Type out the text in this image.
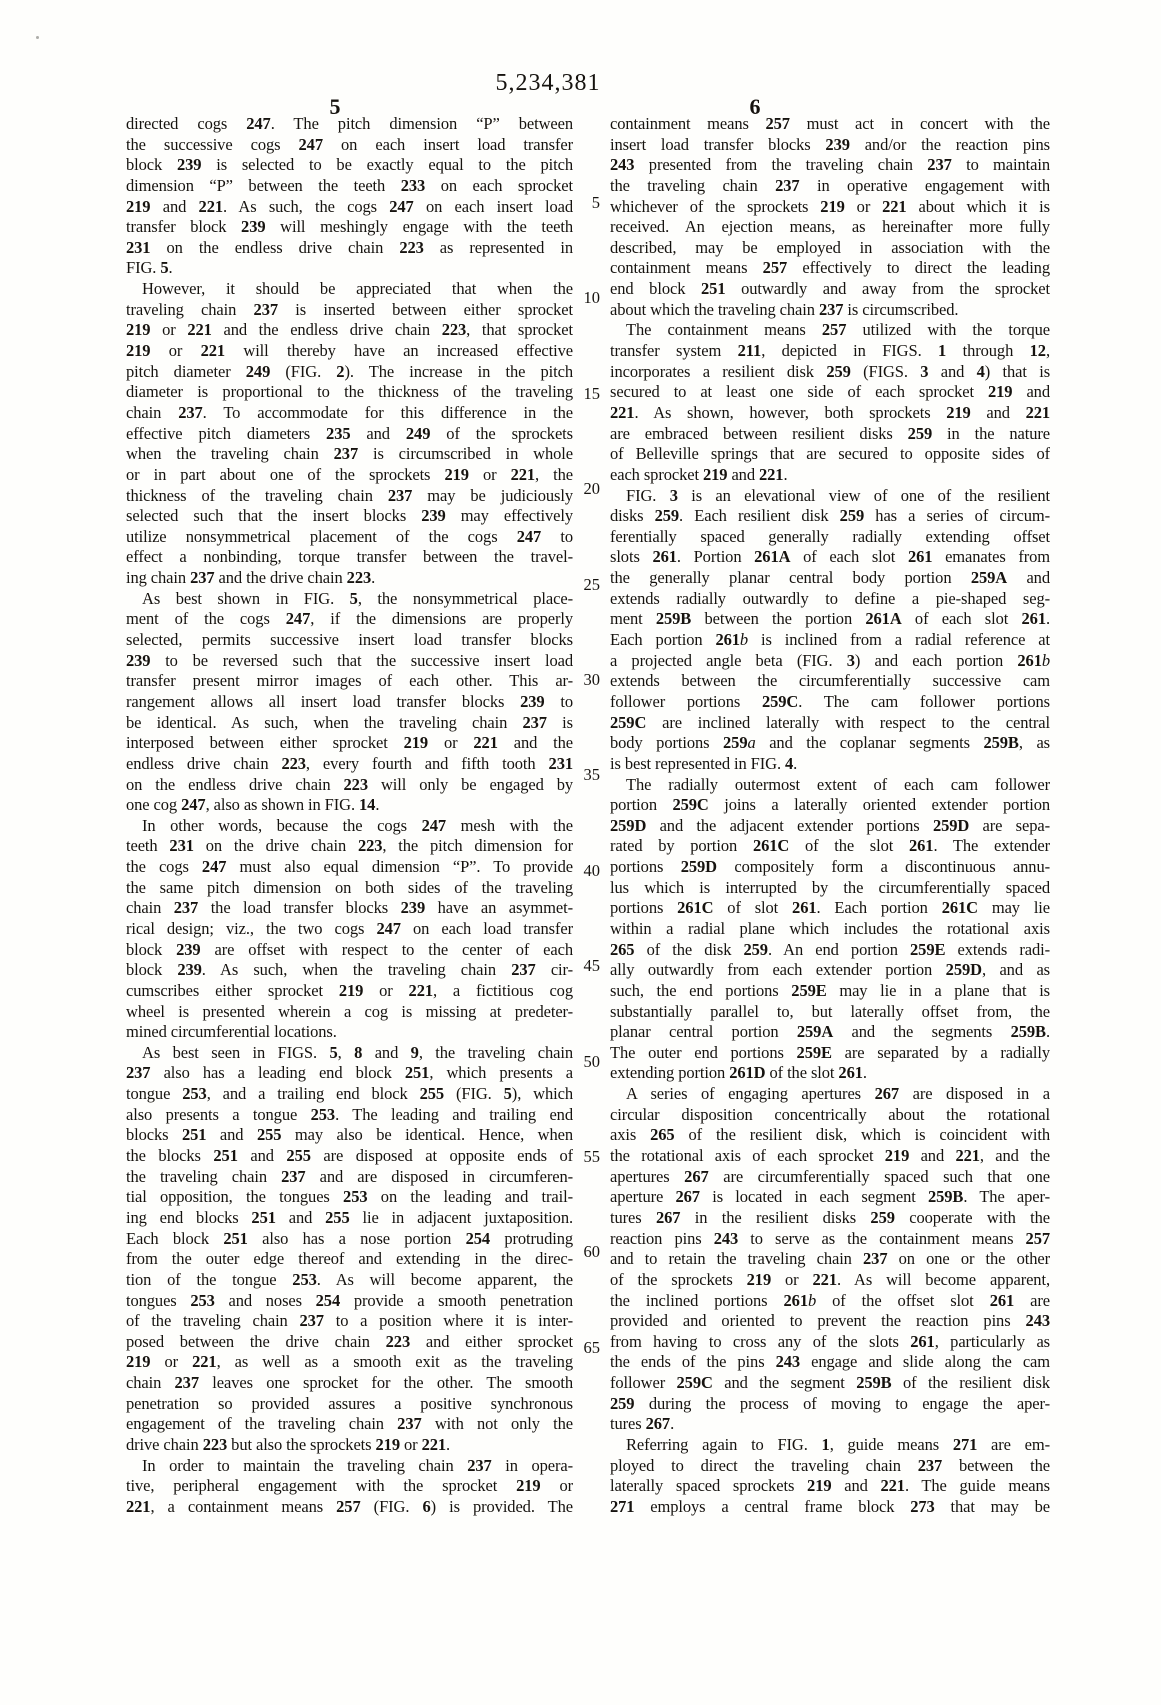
5,234,381
5	6
directed cogs 247. The pitch dimension “P” between
the successive cogs 247 on each insert load transfer
block 239 is selected to be exactly equal to the pitch
dimension “P” between the teeth 233 on each sprocket
219 and 221. As such, the cogs 247 on each insert load
transfer block 239 will meshingly engage with the teeth
231 on the endless drive chain 223 as represented in
FIG. 5.
However, it should be appreciated that when the
traveling chain 237 is inserted between either sprocket
219 or 221 and the endless drive chain 223, that sprocket
219 or 221 will thereby have an increased effective
pitch diameter 249 (FIG. 2). The increase in the pitch
diameter is proportional to the thickness of the traveling
chain 237. To accommodate for this difference in the
effective pitch diameters 235 and 249 of the sprockets
when the traveling chain 237 is circumscribed in whole
or in part about one of the sprockets 219 or 221, the
thickness of the traveling chain 237 may be judiciously
selected such that the insert blocks 239 may effectively
utilize nonsymmetrical placement of the cogs 247 to
effect a nonbinding, torque transfer between the travel-
ing chain 237 and the drive chain 223.
As best shown in FIG. 5, the nonsymmetrical place-
ment of the cogs 247, if the dimensions are properly
selected, permits successive insert load transfer blocks
239 to be reversed such that the successive insert load
transfer present mirror images of each other. This ar-
rangement allows all insert load transfer blocks 239 to
be identical. As such, when the traveling chain 237 is
interposed between either sprocket 219 or 221 and the
endless drive chain 223, every fourth and fifth tooth 231
on the endless drive chain 223 will only be engaged by
one cog 247, also as shown in FIG. 14.
In other words, because the cogs 247 mesh with the
teeth 231 on the drive chain 223, the pitch dimension for
the cogs 247 must also equal dimension “P”. To provide
the same pitch dimension on both sides of the traveling
chain 237 the load transfer blocks 239 have an asymmet-
rical design; viz., the two cogs 247 on each load transfer
block 239 are offset with respect to the center of each
block 239. As such, when the traveling chain 237 cir-
cumscribes either sprocket 219 or 221, a fictitious cog
wheel is presented wherein a cog is missing at predeter-
mined circumferential locations.
As best seen in FIGS. 5, 8 and 9, the traveling chain
237 also has a leading end block 251, which presents a
tongue 253, and a trailing end block 255 (FIG. 5), which
also presents a tongue 253. The leading and trailing end
blocks 251 and 255 may also be identical. Hence, when
the blocks 251 and 255 are disposed at opposite ends of
the traveling chain 237 and are disposed in circumferen-
tial opposition, the tongues 253 on the leading and trail-
ing end blocks 251 and 255 lie in adjacent juxtaposition.
Each block 251 also has a nose portion 254 protruding
from the outer edge thereof and extending in the direc-
tion of the tongue 253. As will become apparent, the
tongues 253 and noses 254 provide a smooth penetration
of the traveling chain 237 to a position where it is inter-
posed between the drive chain 223 and either sprocket
219 or 221, as well as a smooth exit as the traveling
chain 237 leaves one sprocket for the other. The smooth
penetration so provided assures a positive synchronous
engagement of the traveling chain 237 with not only the
drive chain 223 but also the sprockets 219 or 221.
In order to maintain the traveling chain 237 in opera-
tive, peripheral engagement with the sprocket 219 or
221, a containment means 257 (FIG. 6) is provided. The
containment means 257 must act in concert with the
insert load transfer blocks 239 and/or the reaction pins
243 presented from the traveling chain 237 to maintain
the traveling chain 237 in operative engagement with
whichever of the sprockets 219 or 221 about which it is
received. An ejection means, as hereinafter more fully
described, may be employed in association with the
containment means 257 effectively to direct the leading
end block 251 outwardly and away from the sprocket
about which the traveling chain 237 is circumscribed.
The containment means 257 utilized with the torque
transfer system 211, depicted in FIGS. 1 through 12,
incorporates a resilient disk 259 (FIGS. 3 and 4) that is
secured to at least one side of each sprocket 219 and
221. As shown, however, both sprockets 219 and 221
are embraced between resilient disks 259 in the nature
of Belleville springs that are secured to opposite sides of
each sprocket 219 and 221.
FIG. 3 is an elevational view of one of the resilient
disks 259. Each resilient disk 259 has a series of circum-
ferentially spaced generally radially extending offset
slots 261. Portion 261A of each slot 261 emanates from
the generally planar central body portion 259A and
extends radially outwardly to define a pie-shaped seg-
ment 259B between the portion 261A of each slot 261.
Each portion 261b is inclined from a radial reference at
a projected angle beta (FIG. 3) and each portion 261b
extends between the circumferentially successive cam
follower portions 259C. The cam follower portions
259C are inclined laterally with respect to the central
body portions 259a and the coplanar segments 259B, as
is best represented in FIG. 4.
The radially outermost extent of each cam follower
portion 259C joins a laterally oriented extender portion
259D and the adjacent extender portions 259D are sepa-
rated by portion 261C of the slot 261. The extender
portions 259D compositely form a discontinuous annu-
lus which is interrupted by the circumferentially spaced
portions 261C of slot 261. Each portion 261C may lie
within a radial plane which includes the rotational axis
265 of the disk 259. An end portion 259E extends radi-
ally outwardly from each extender portion 259D, and as
such, the end portions 259E may lie in a plane that is
substantially parallel to, but laterally offset from, the
planar central portion 259A and the segments 259B.
The outer end portions 259E are separated by a radially
extending portion 261D of the slot 261.
A series of engaging apertures 267 are disposed in a
circular disposition concentrically about the rotational
axis 265 of the resilient disk, which is coincident with
the rotational axis of each sprocket 219 and 221, and the
apertures 267 are circumferentially spaced such that one
aperture 267 is located in each segment 259B. The aper-
tures 267 in the resilient disks 259 cooperate with the
reaction pins 243 to serve as the containment means 257
and to retain the traveling chain 237 on one or the other
of the sprockets 219 or 221. As will become apparent,
the inclined portions 261b of the offset slot 261 are
provided and oriented to prevent the reaction pins 243
from having to cross any of the slots 261, particularly as
the ends of the pins 243 engage and slide along the cam
follower 259C and the segment 259B of the resilient disk
259 during the process of moving to engage the aper-
tures 267.
Referring again to FIG. 1, guide means 271 are em-
ployed to direct the traveling chain 237 between the
laterally spaced sprockets 219 and 221. The guide means
271 employs a central frame block 273 that may be
5
10
15
20
25
30
35
40
45
50
55
60
65
